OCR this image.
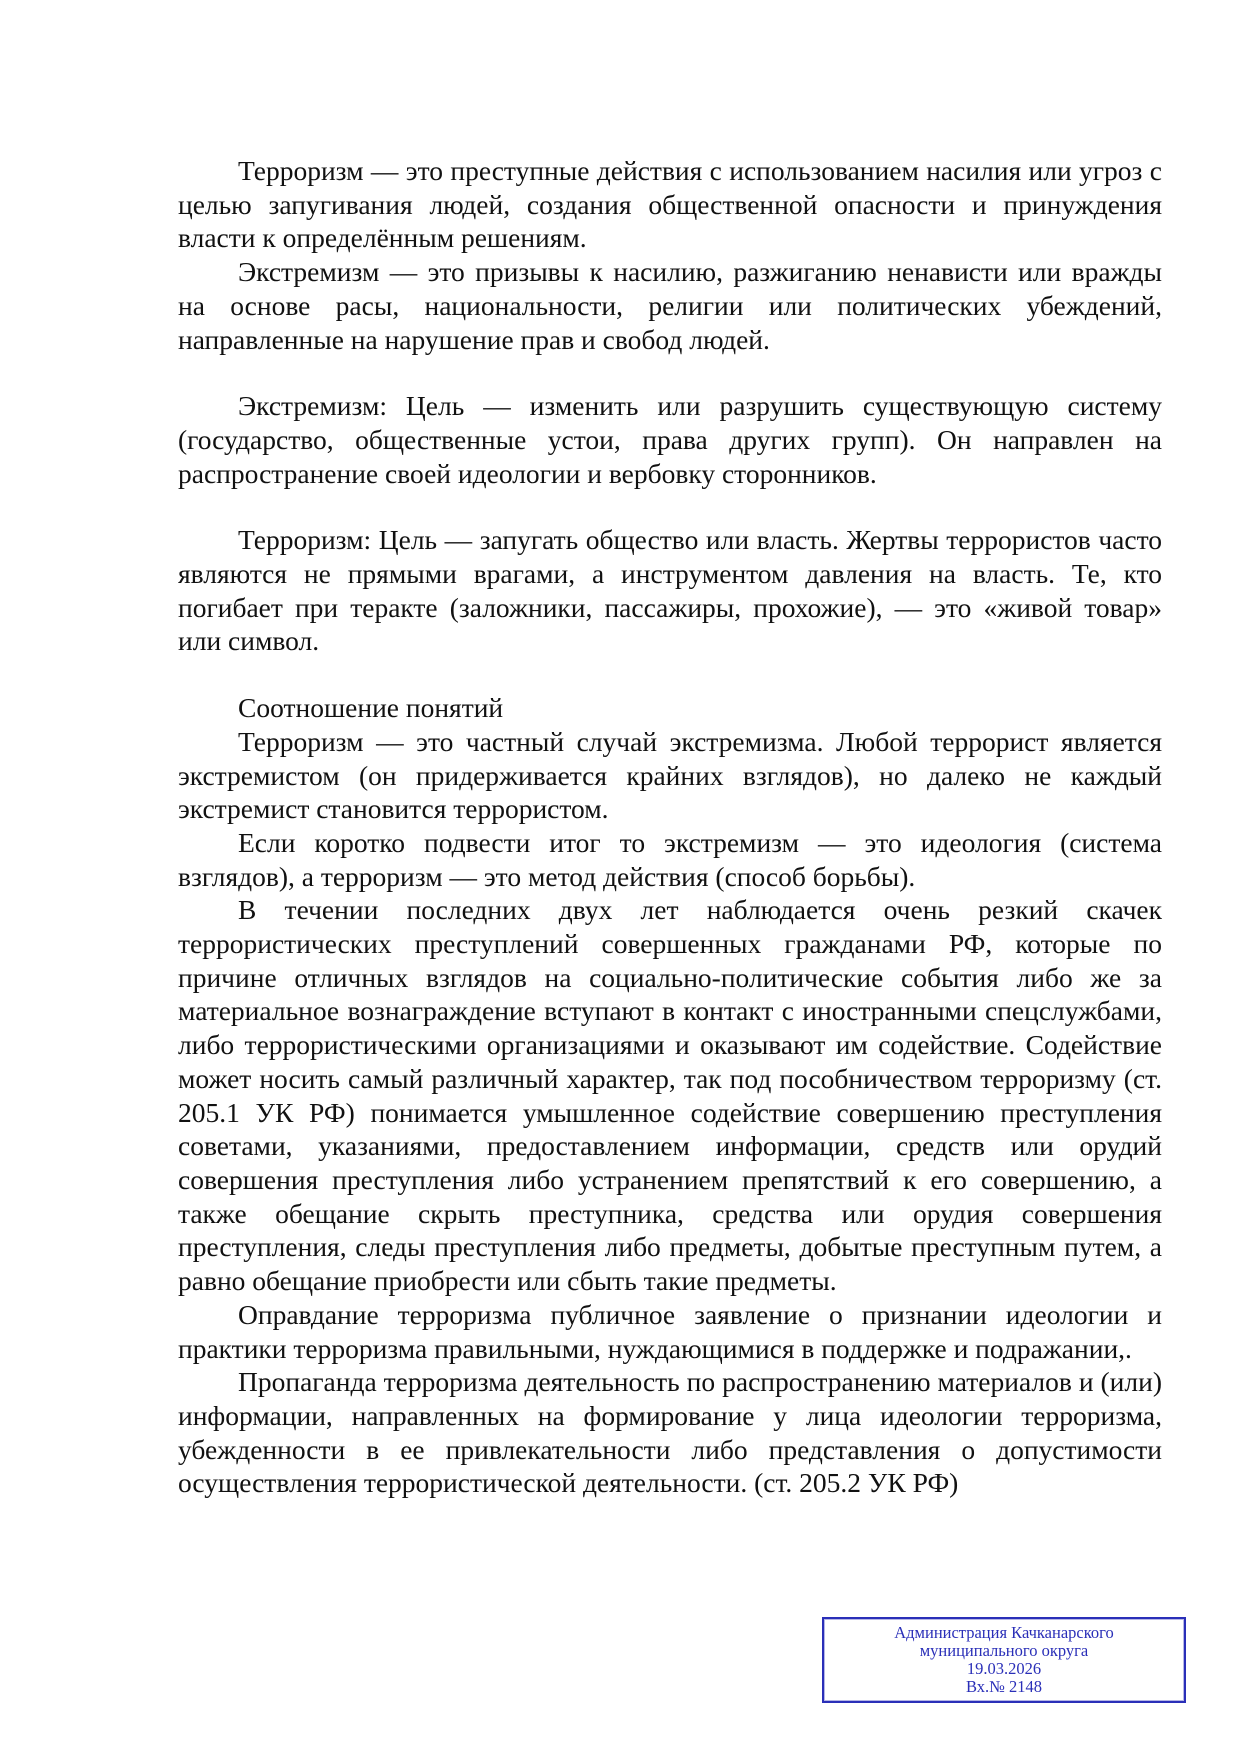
Терроризм — это преступные действия с использованием насилия или угроз с целью запугивания людей, создания общественной опасности и принуждения власти к определённым решениям.

Экстремизм — это призывы к насилию, разжиганию ненависти или вражды на основе расы, национальности, религии или политических убеждений, направленные на нарушение прав и свобод людей.

Экстремизм: Цель — изменить или разрушить существующую систему (государство, общественные устои, права других групп). Он направлен на распространение своей идеологии и вербовку сторонников.

Терроризм: Цель — запугать общество или власть. Жертвы террористов часто являются не прямыми врагами, а инструментом давления на власть. Те, кто погибает при теракте (заложники, пассажиры, прохожие), — это «живой товар» или символ.

Соотношение понятий

Терроризм — это частный случай экстремизма. Любой террорист является экстремистом (он придерживается крайних взглядов), но далеко не каждый экстремист становится террористом.

Если коротко подвести итог то экстремизм — это идеология (система взглядов), а терроризм — это метод действия (способ борьбы).

В течении последних двух лет наблюдается очень резкий скачек террористических преступлений совершенных гражданами РФ, которые по причине отличных взглядов на социально-политические события либо же за материальное вознаграждение вступают в контакт с иностранными спецслужбами, либо террористическими организациями и оказывают им содействие. Содействие может носить самый различный характер, так под пособничеством терроризму (ст. 205.1 УК РФ) понимается умышленное содействие совершению преступления советами, указаниями, предоставлением информации, средств или орудий совершения преступления либо устранением препятствий к его совершению, а также обещание скрыть преступника, средства или орудия совершения преступления, следы преступления либо предметы, добытые преступным путем, а равно обещание приобрести или сбыть такие предметы.

Оправдание терроризма публичное заявление о признании идеологии и практики терроризма правильными, нуждающимися в поддержке и подражании,.

Пропаганда терроризма деятельность по распространению материалов и (или) информации, направленных на формирование у лица идеологии терроризма, убежденности в ее привлекательности либо представления о допустимости осуществления террористической деятельности. (ст. 205.2 УК РФ)

Администрация Качканарского
муниципального округа
19.03.2026
Вх.№ 2148
